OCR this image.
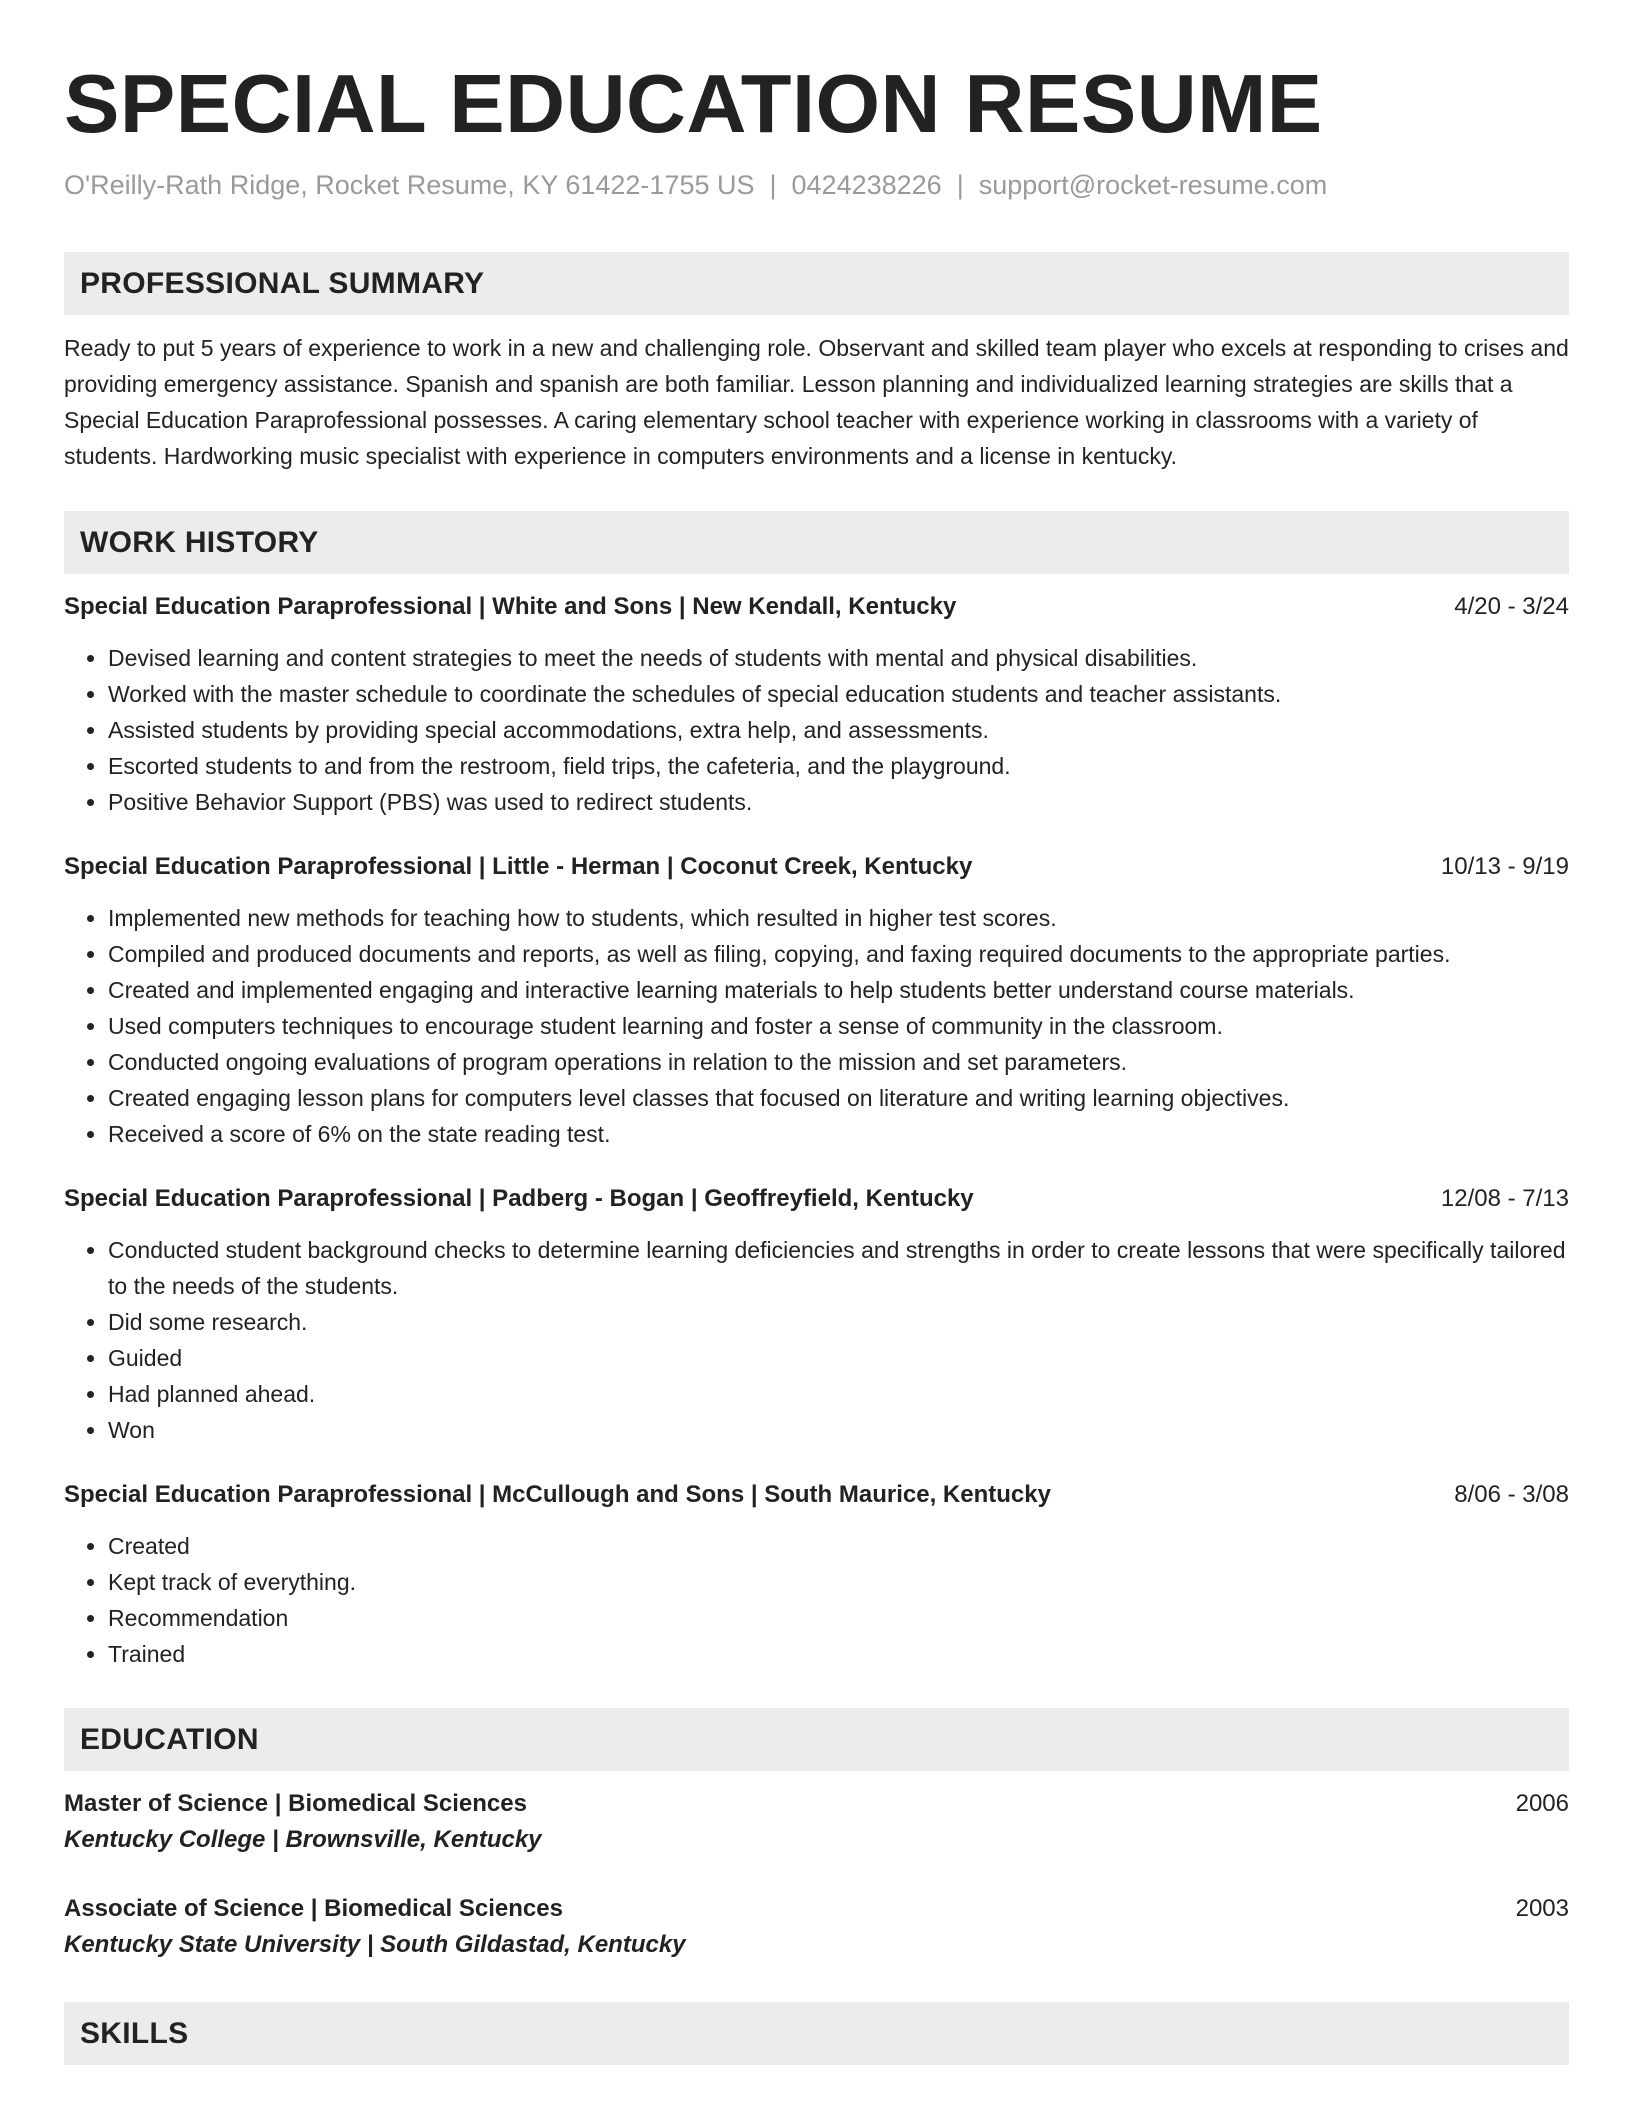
SPECIAL EDUCATION RESUME
O'Reilly-Rath Ridge, Rocket Resume, KY 61422-1755 US | 0424238226 | support@rocket-resume.com
PROFESSIONAL SUMMARY

Ready to put 5 years of experience to work in a new and challenging role. Observant and skilled team player who excels at responding to crises and providing emergency assistance. Spanish and spanish are both familiar. Lesson planning and individualized learning strategies are skills that a Special Education Paraprofessional possesses. A caring elementary school teacher with experience working in classrooms with a variety of students. Hardworking music specialist with experience in computers environments and a license in kentucky.

WORK HISTORY
Special Education Paraprofessional | White and Sons | New Kendall, Kentucky	4/20 - 3/24
• Devised learning and content strategies to meet the needs of students with mental and physical disabilities.
• Worked with the master schedule to coordinate the schedules of special education students and teacher assistants.
• Assisted students by providing special accommodations, extra help, and assessments.
• Escorted students to and from the restroom, field trips, the cafeteria, and the playground.
• Positive Behavior Support (PBS) was used to redirect students.
Special Education Paraprofessional | Little - Herman | Coconut Creek, Kentucky	10/13 - 9/19
• Implemented new methods for teaching how to students, which resulted in higher test scores.
• Compiled and produced documents and reports, as well as filing, copying, and faxing required documents to the appropriate parties.
• Created and implemented engaging and interactive learning materials to help students better understand course materials.
• Used computers techniques to encourage student learning and foster a sense of community in the classroom.
• Conducted ongoing evaluations of program operations in relation to the mission and set parameters.
• Created engaging lesson plans for computers level classes that focused on literature and writing learning objectives.
• Received a score of 6% on the state reading test.
Special Education Paraprofessional | Padberg - Bogan | Geoffreyfield, Kentucky	12/08 - 7/13
• Conducted student background checks to determine learning deficiencies and strengths in order to create lessons that were specifically tailored to the needs of the students.
• Did some research.
• Guided
• Had planned ahead.
• Won
Special Education Paraprofessional | McCullough and Sons | South Maurice, Kentucky	8/06 - 3/08
• Created
• Kept track of everything.
• Recommendation
• Trained
EDUCATION
Master of Science | Biomedical Sciences	2006
Kentucky College | Brownsville, Kentucky
Associate of Science | Biomedical Sciences	2003
Kentucky State University | South Gildastad, Kentucky
SKILLS
